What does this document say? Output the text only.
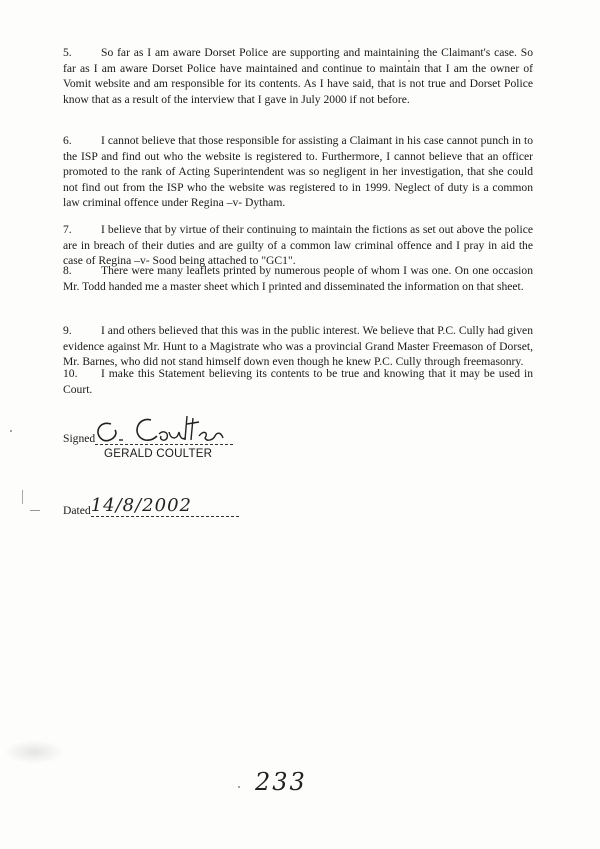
5.	So far as I am aware Dorset Police are supporting and maintaining the Claimant's case. So far as I am aware Dorset Police have maintained and continue to maintain that I am the owner of Vomit website and am responsible for its contents. As I have said, that is not true and Dorset Police know that as a result of the interview that I gave in July 2000 if not before.
6.	I cannot believe that those responsible for assisting a Claimant in his case cannot punch in to the ISP and find out who the website is registered to. Furthermore, I cannot believe that an officer promoted to the rank of Acting Superintendent was so negligent in her investigation, that she could not find out from the ISP who the website was registered to in 1999. Neglect of duty is a common law criminal offence under Regina –v- Dytham.
7.	I believe that by virtue of their continuing to maintain the fictions as set out above the police are in breach of their duties and are guilty of a common law criminal offence and I pray in aid the case of Regina –v- Sood being attached to "GC1".
8.	There were many leaflets printed by numerous people of whom I was one. On one occasion Mr. Todd handed me a master sheet which I printed and disseminated the information on that sheet.
9.	I and others believed that this was in the public interest. We believe that P.C. Cully had given evidence against Mr. Hunt to a Magistrate who was a provincial Grand Master Freemason of Dorset, Mr. Barnes, who did not stand himself down even though he knew P.C. Cully through freemasonry.
10. I make this Statement believing its contents to be true and knowing that it may be used in Court.
Signed
GERALD COULTER
Dated 14/8/2002
233
